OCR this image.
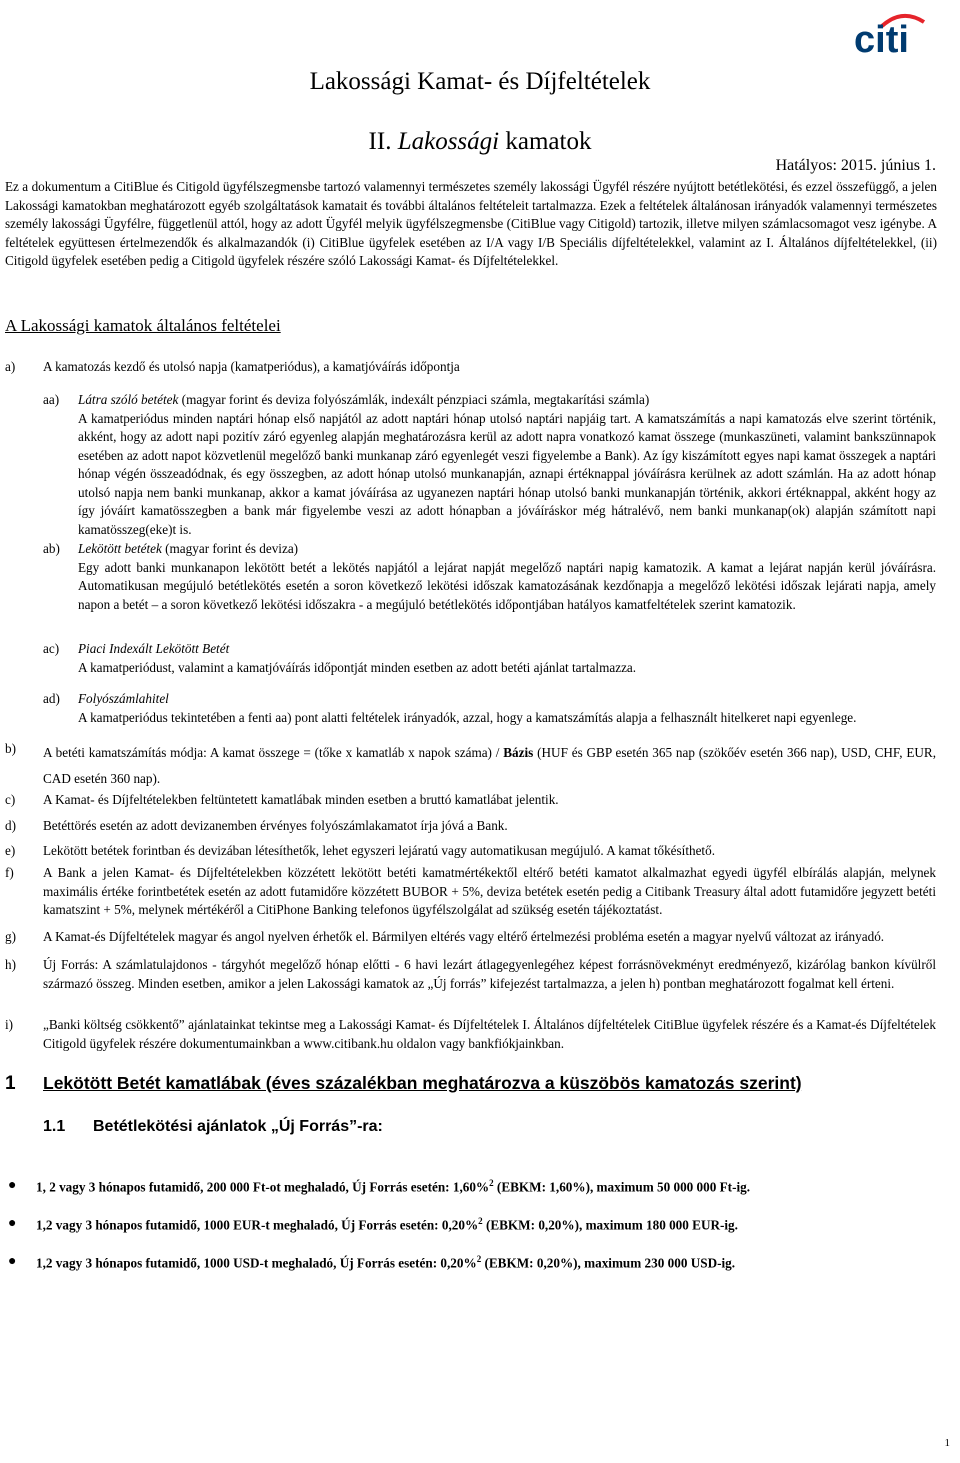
citi
Lakossági Kamat- és Díjfeltételek
II. Lakossági kamatok
Hatályos: 2015. június 1.
Ez a dokumentum a CitiBlue és Citigold ügyfélszegmensbe tartozó valamennyi természetes személy lakossági Ügyfél részére nyújtott betétlekötési, és ezzel összefüggő, a jelen Lakossági kamatokban meghatározott egyéb szolgáltatások kamatait és további általános feltételeit tartalmazza. Ezek a feltételek általánosan irányadók valamennyi természetes személy lakossági Ügyfélre, függetlenül attól, hogy az adott Ügyfél melyik ügyfélszegmensbe (CitiBlue vagy Citigold) tartozik, illetve milyen számlacsomagot vesz igénybe. A feltételek együttesen értelmezendők és alkalmazandók (i) CitiBlue ügyfelek esetében az I/A vagy I/B Speciális díjfeltételekkel, valamint az I. Általános díjfeltételekkel, (ii) Citigold ügyfelek esetében pedig a Citigold ügyfelek részére szóló Lakossági Kamat- és Díjfeltételekkel.
A Lakossági kamatok általános feltételei
a) A kamatozás kezdő és utolsó napja (kamatperiódus), a kamatjóváírás időpontja
aa) Látra szóló betétek (magyar forint és deviza folyószámlák, indexált pénzpiaci számla, megtakarítási számla)
A kamatperiódus minden naptári hónap első napjától az adott naptári hónap utolsó naptári napjáig tart. A kamatszámítás a napi kamatozás elve szerint történik, akként, hogy az adott napi pozitív záró egyenleg alapján meghatározásra kerül az adott napra vonatkozó kamat összege (munkaszüneti, valamint bankszünnapok esetében az adott napot közvetlenül megelőző banki munkanap záró egyenlegét veszi figyelembe a Bank). Az így kiszámított egyes napi kamat összegek a naptári hónap végén összeadódnak, és egy összegben, az adott hónap utolsó munkanapján, aznapi értéknappal jóváírásra kerülnek az adott számlán. Ha az adott hónap utolsó napja nem banki munkanap, akkor a kamat jóváírása az ugyanezen naptári hónap utolsó banki munkanapján történik, akkori értéknappal, akként hogy az így jóváírt kamatösszegben a bank már figyelembe veszi az adott hónapban a jóváíráskor még hátralévő, nem banki munkanap(ok) alapján számított napi kamatösszeg(eke)t is.
ab) Lekötött betétek (magyar forint és deviza)
Egy adott banki munkanapon lekötött betét a lekötés napjától a lejárat napját megelőző naptári napig kamatozik. A kamat a lejárat napján kerül jóváírásra. Automatikusan megújuló betétlekötés esetén a soron következő lekötési időszak kamatozásának kezdőnapja a megelőző lekötési időszak lejárati napja, amely napon a betét – a soron következő lekötési időszakra - a megújuló betétlekötés időpontjában hatályos kamatfeltételek szerint kamatozik.
ac) Piaci Indexált Lekötött Betét
A kamatperiódust, valamint a kamatjóváírás időpontját minden esetben az adott betéti ajánlat tartalmazza.
ad) Folyószámlahitel
A kamatperiódus tekintetében a fenti aa) pont alatti feltételek irányadók, azzal, hogy a kamatszámítás alapja a felhasznált hitelkeret napi egyenlege.
b) A betéti kamatszámítás módja: A kamat összege = (tőke x kamatláb x napok száma) / Bázis (HUF és GBP esetén 365 nap (szökőév esetén 366 nap), USD, CHF, EUR, CAD esetén 360 nap).
c) A Kamat- és Díjfeltételekben feltüntetett kamatlábak minden esetben a bruttó kamatlábat jelentik.
d) Betéttörés esetén az adott devizanemben érvényes folyószámlakamatot írja jóvá a Bank.
e) Lekötött betétek forintban és devizában létesíthetők, lehet egyszeri lejáratú vagy automatikusan megújuló. A kamat tőkésíthető.
f) A Bank a jelen Kamat- és Díjfeltételekben közzétett lekötött betéti kamatmértékektől eltérő betéti kamatot alkalmazhat egyedi ügyfél elbírálás alapján, melynek maximális értéke forintbetétek esetén az adott futamidőre közzétett BUBOR + 5%, deviza betétek esetén pedig a Citibank Treasury által adott futamidőre jegyzett betéti kamatszint + 5%, melynek mértékéről a CitiPhone Banking telefonos ügyfélszolgálat ad szükség esetén tájékoztatást.
g) A Kamat-és Díjfeltételek magyar és angol nyelven érhetők el. Bármilyen eltérés vagy eltérő értelmezési probléma esetén a magyar nyelvű változat az irányadó.
h) Új Forrás: A számlatulajdonos - tárgyhót megelőző hónap előtti - 6 havi lezárt átlagegyenlegéhez képest forrásnövekményt eredményező, kizárólag bankon kívülről származó összeg. Minden esetben, amikor a jelen Lakossági kamatok az „Új forrás” kifejezést tartalmazza, a jelen h) pontban meghatározott fogalmat kell érteni.
i) „Banki költség csökkentő” ajánlatainkat tekintse meg a Lakossági Kamat- és Díjfeltételek I. Általános díjfeltételek CitiBlue ügyfelek részére és a Kamat-és Díjfeltételek Citigold ügyfelek részére dokumentumainkban a www.citibank.hu oldalon vagy bankfiókjainkban.
1 Lekötött Betét kamatlábak (éves százalékban meghatározva a küszöbös kamatozás szerint)
1.1 Betétlekötési ajánlatok „Új Forrás”-ra:
● 1, 2 vagy 3 hónapos futamidő, 200 000 Ft-ot meghaladó, Új Forrás esetén: 1,60%$^2$ (EBKM: 1,60%), maximum 50 000 000 Ft-ig.
● 1,2 vagy 3 hónapos futamidő, 1000 EUR-t meghaladó, Új Forrás esetén: 0,20%$^2$ (EBKM: 0,20%), maximum 180 000 EUR-ig.
● 1,2 vagy 3 hónapos futamidő, 1000 USD-t meghaladó, Új Forrás esetén: 0,20%$^2$ (EBKM: 0,20%), maximum 230 000 USD-ig.
1
